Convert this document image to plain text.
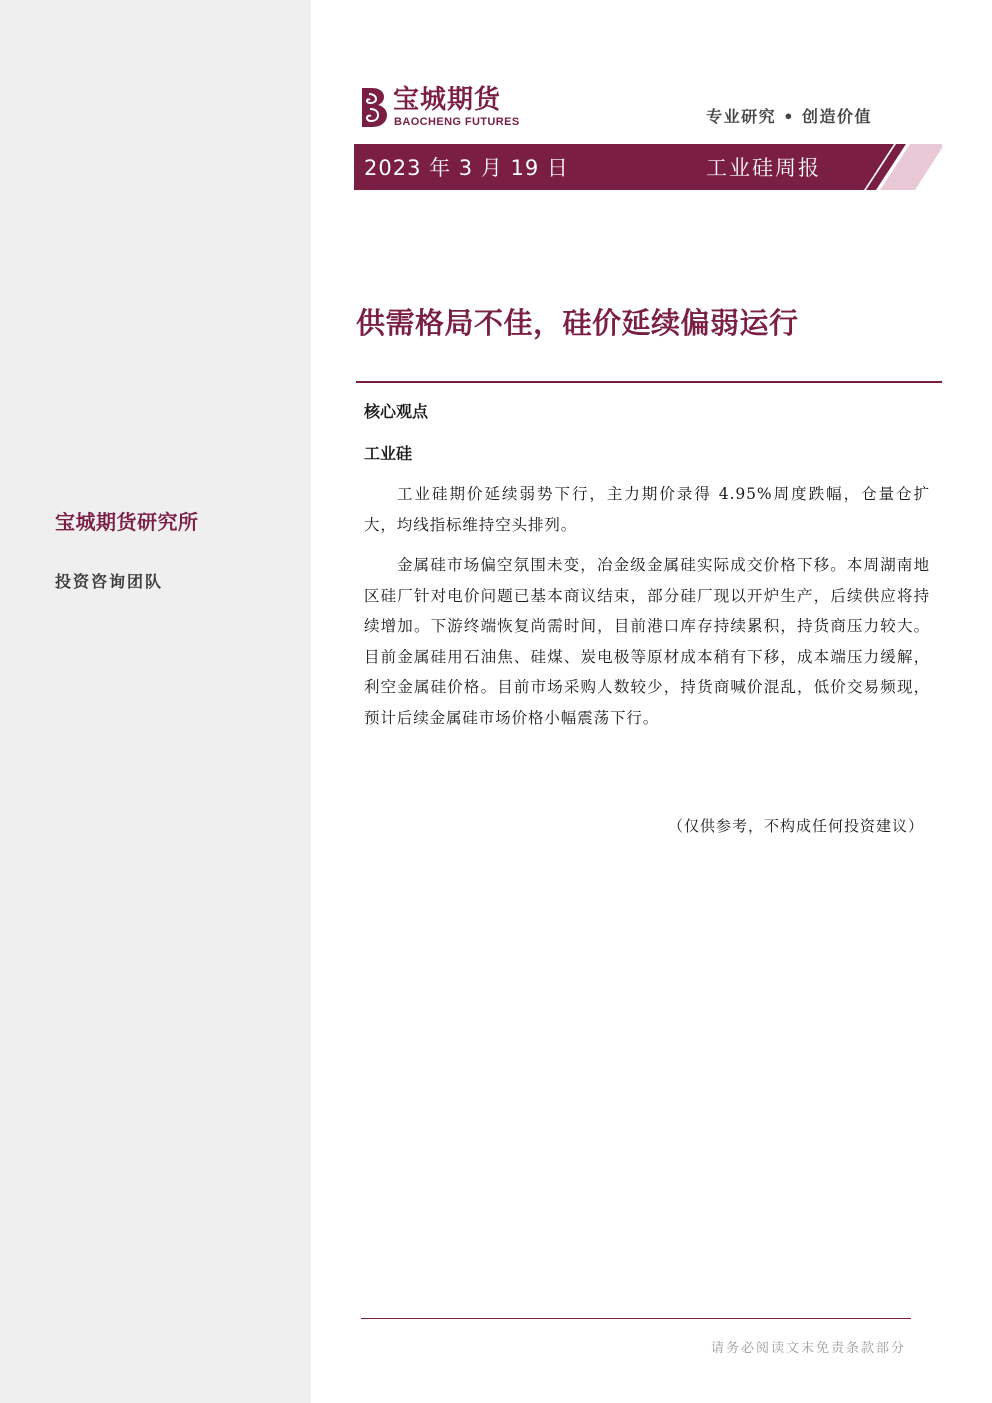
宝城期货研究所
投资咨询团队
宝城期货
BAOCHENG FUTURES	专业研究 • 创造价值
2023 年 3 月 19 日	工业硅周报
供需格局不佳，硅价延续偏弱运行
核心观点
工业硅

工业硅期价延续弱势下行，主力期价录得 4.95%周度跌幅，仓量仓扩大，均线指标维持空头排列。

金属硅市场偏空氛围未变，冶金级金属硅实际成交价格下移。本周湖南地区硅厂针对电价问题已基本商议结束，部分硅厂现以开炉生产，后续供应将持续增加。下游终端恢复尚需时间，目前港口库存持续累积，持货商压力较大。目前金属硅用石油焦、硅煤、炭电极等原材成本稍有下移，成本端压力缓解，利空金属硅价格。目前市场采购人数较少，持货商喊价混乱，低价交易频现，预计后续金属硅市场价格小幅震荡下行。

（仅供参考，不构成任何投资建议）
请务必阅读文末免责条款部分
